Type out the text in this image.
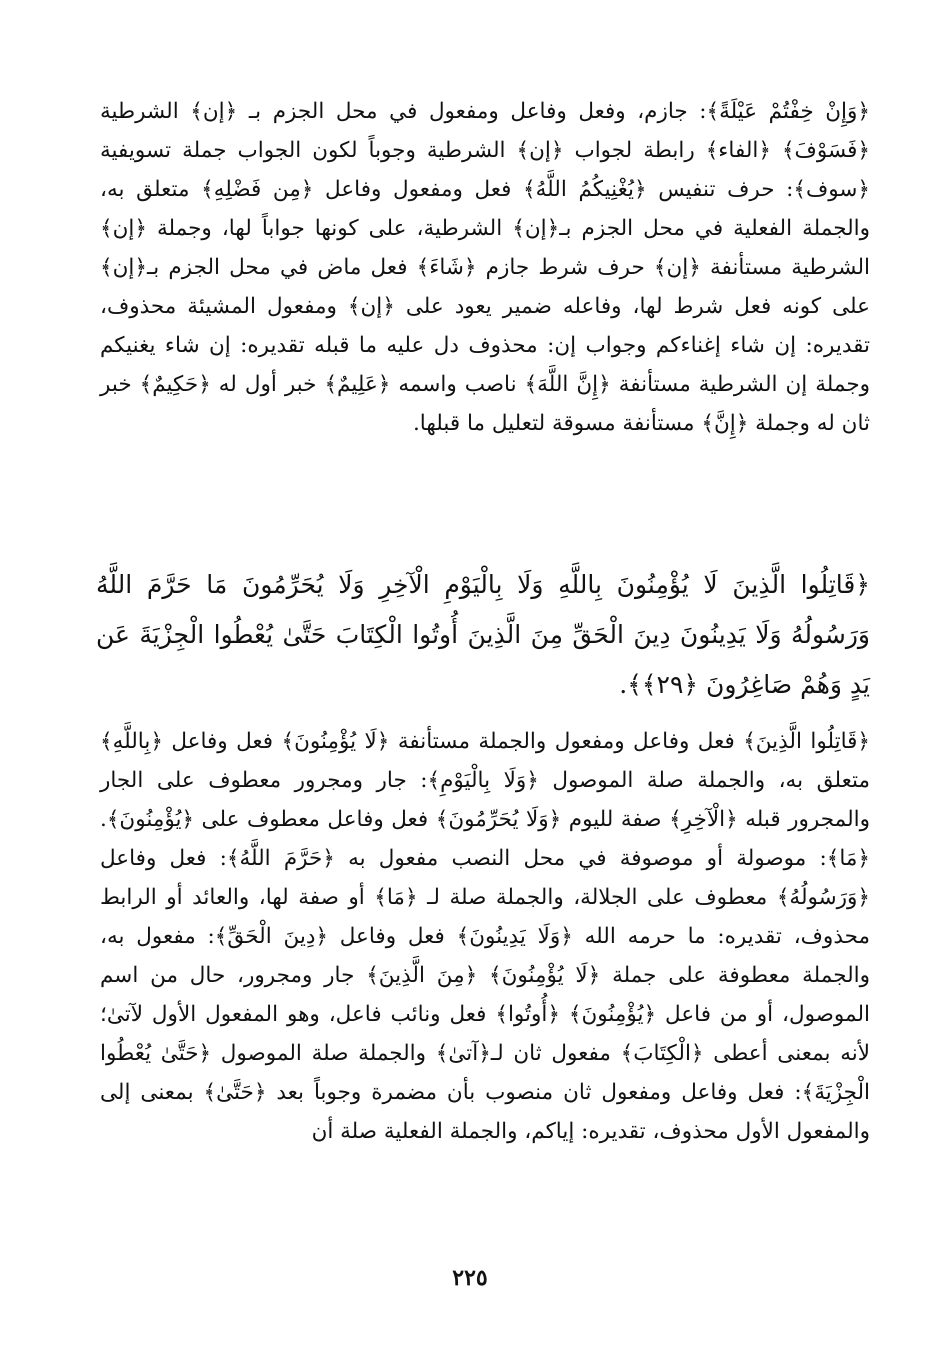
﴿وَإِنْ خِفْتُمْ عَيْلَةً﴾: جازم، وفعل وفاعل ومفعول في محل الجزم بـ ﴿إن﴾ الشرطية ﴿فَسَوْفَ﴾ ﴿الفاء﴾ رابطة لجواب ﴿إن﴾ الشرطية وجوباً لكون الجواب جملة تسويفية ﴿سوف﴾: حرف تنفيس ﴿يُغْنِيكُمُ اللَّهُ﴾ فعل ومفعول وفاعل ﴿مِن فَضْلِهِ﴾ متعلق به، والجملة الفعلية في محل الجزم بـ﴿إن﴾ الشرطية، على كونها جواباً لها، وجملة ﴿إن﴾ الشرطية مستأنفة ﴿إن﴾ حرف شرط جازم ﴿شَاءَ﴾ فعل ماض في محل الجزم بـ﴿إن﴾ على كونه فعل شرط لها، وفاعله ضمير يعود على ﴿إن﴾ ومفعول المشيئة محذوف، تقديره: إن شاء إغناءكم وجواب إن: محذوف دل عليه ما قبله تقديره: إن شاء يغنيكم وجملة إن الشرطية مستأنفة ﴿إِنَّ اللَّهَ﴾ ناصب واسمه ﴿عَلِيمٌ﴾ خبر أول له ﴿حَكِيمٌ﴾ خبر ثان له وجملة ﴿إِنَّ﴾ مستأنفة مسوقة لتعليل ما قبلها.

﴿قَاتِلُوا الَّذِينَ لَا يُؤْمِنُونَ بِاللَّهِ وَلَا بِالْيَوْمِ الْآخِرِ وَلَا يُحَرِّمُونَ مَا حَرَّمَ اللَّهُ وَرَسُولُهُ وَلَا يَدِينُونَ دِينَ الْحَقِّ مِنَ الَّذِينَ أُوتُوا الْكِتَابَ حَتَّىٰ يُعْطُوا الْجِزْيَةَ عَن يَدٍ وَهُمْ صَاغِرُونَ ﴿٢٩﴾﴾.

﴿قَاتِلُوا الَّذِينَ﴾ فعل وفاعل ومفعول والجملة مستأنفة ﴿لَا يُؤْمِنُونَ﴾ فعل وفاعل ﴿بِاللَّهِ﴾ متعلق به، والجملة صلة الموصول ﴿وَلَا بِالْيَوْمِ﴾: جار ومجرور معطوف على الجار والمجرور قبله ﴿الْآخِرِ﴾ صفة لليوم ﴿وَلَا يُحَرِّمُونَ﴾ فعل وفاعل معطوف على ﴿يُؤْمِنُونَ﴾. ﴿مَا﴾: موصولة أو موصوفة في محل النصب مفعول به ﴿حَرَّمَ اللَّهُ﴾: فعل وفاعل ﴿وَرَسُولُهُ﴾ معطوف على الجلالة، والجملة صلة لـ ﴿مَا﴾ أو صفة لها، والعائد أو الرابط محذوف، تقديره: ما حرمه الله ﴿وَلَا يَدِينُونَ﴾ فعل وفاعل ﴿دِينَ الْحَقِّ﴾: مفعول به، والجملة معطوفة على جملة ﴿لَا يُؤْمِنُونَ﴾ ﴿مِنَ الَّذِينَ﴾ جار ومجرور، حال من اسم الموصول، أو من فاعل ﴿يُؤْمِنُونَ﴾ ﴿أُوتُوا﴾ فعل ونائب فاعل، وهو المفعول الأول لآتىٰ؛ لأنه بمعنى أعطى ﴿الْكِتَابَ﴾ مفعول ثان لـ﴿آتىٰ﴾ والجملة صلة الموصول ﴿حَتَّىٰ يُعْطُوا الْجِزْيَةَ﴾: فعل وفاعل ومفعول ثان منصوب بأن مضمرة وجوباً بعد ﴿حَتَّىٰ﴾ بمعنى إلى والمفعول الأول محذوف، تقديره: إياكم، والجملة الفعلية صلة أن

٢٢٥
